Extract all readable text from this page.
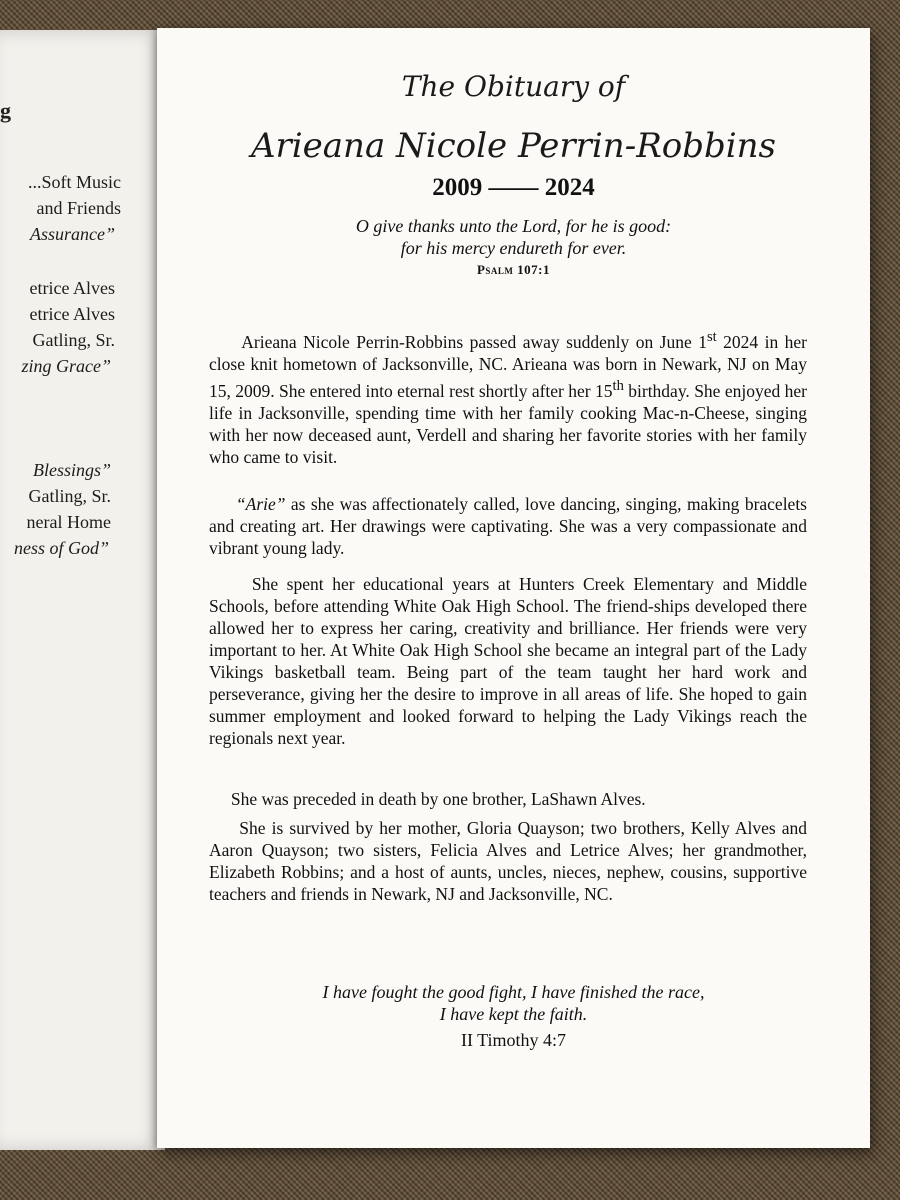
g
...Soft Music
and Friends
Assurance”
etrice Alves
etrice Alves
Gatling, Sr.
zing Grace”
Blessings”
Gatling, Sr.
neral Home
ness of God”
The Obituary of
Arieana Nicole Perrin-Robbins
2009 —— 2024
O give thanks unto the Lord, for he is good:
for his mercy endureth for ever.
Psalm 107:1
Arieana Nicole Perrin-Robbins passed away suddenly on June 1st 2024 in her close knit hometown of Jacksonville, NC. Arieana was born in Newark, NJ on May 15, 2009. She entered into eternal rest shortly after her 15th birthday. She enjoyed her life in Jacksonville, spending time with her family cooking Mac-n-Cheese, singing with her now deceased aunt, Verdell and sharing her favorite stories with her family who came to visit.
“Arie” as she was affectionately called, love dancing, singing, making bracelets and creating art. Her drawings were captivating. She was a very compassionate and vibrant young lady.
She spent her educational years at Hunters Creek Elementary and Middle Schools, before attending White Oak High School. The friend-ships developed there allowed her to express her caring, creativity and brilliance. Her friends were very important to her. At White Oak High School she became an integral part of the Lady Vikings basketball team. Being part of the team taught her hard work and perseverance, giving her the desire to improve in all areas of life. She hoped to gain summer employment and looked forward to helping the Lady Vikings reach the regionals next year.
She was preceded in death by one brother, LaShawn Alves.
She is survived by her mother, Gloria Quayson; two brothers, Kelly Alves and Aaron Quayson; two sisters, Felicia Alves and Letrice Alves; her grandmother, Elizabeth Robbins; and a host of aunts, uncles, nieces, nephew, cousins, supportive teachers and friends in Newark, NJ and Jacksonville, NC.
I have fought the good fight, I have finished the race,
I have kept the faith.
II Timothy 4:7
